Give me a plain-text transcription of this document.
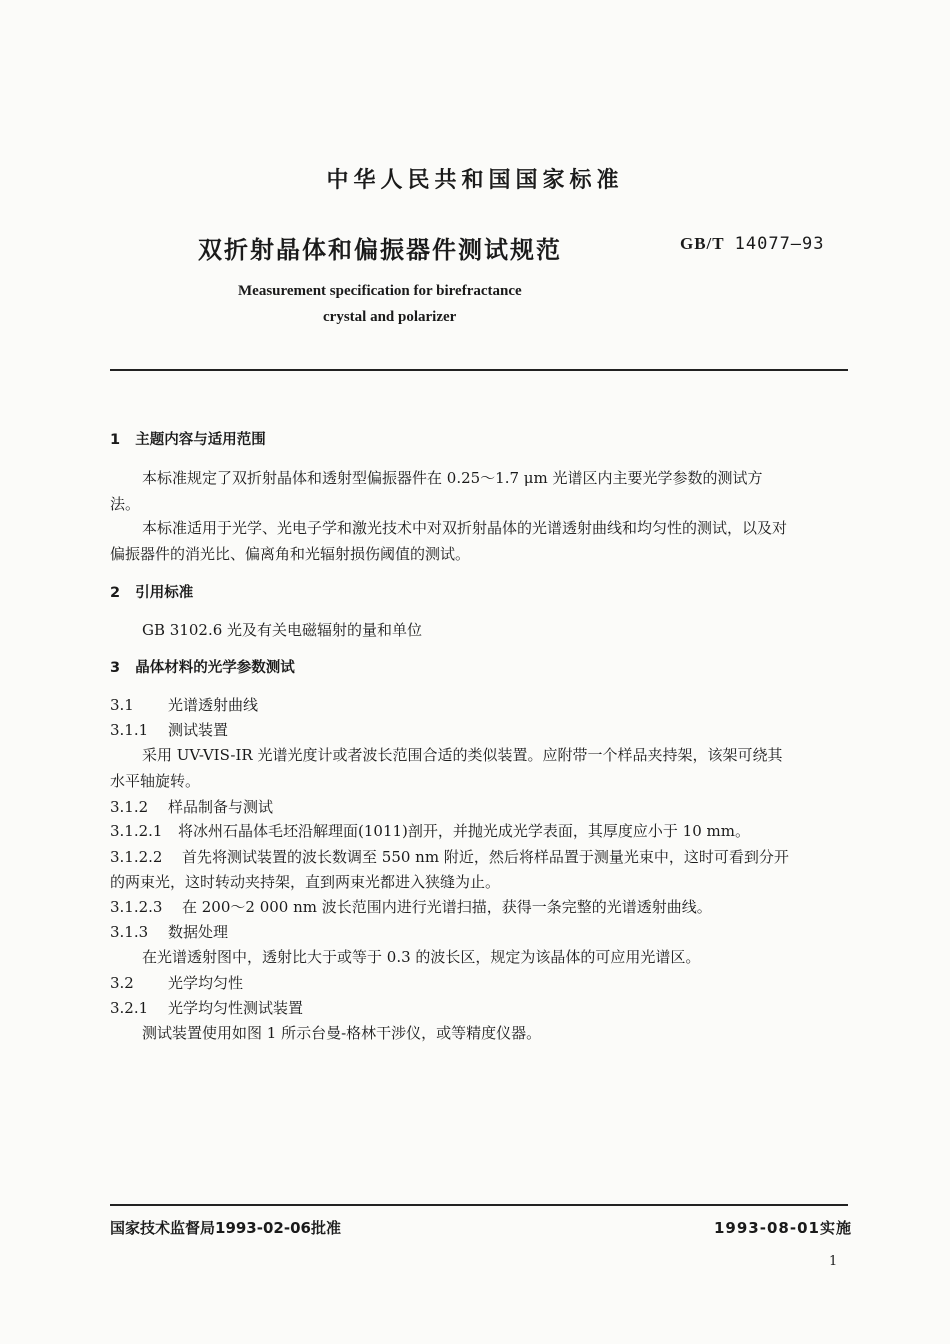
中华人民共和国国家标准
双折射晶体和偏振器件测试规范	GB/T 14077—93
Measurement specification for birefractance
crystal and polarizer
1 主题内容与适用范围
本标准规定了双折射晶体和透射型偏振器件在 0.25～1.7 μm 光谱区内主要光学参数的测试方
法。
本标准适用于光学、光电子学和激光技术中对双折射晶体的光谱透射曲线和均匀性的测试，以及对
偏振器件的消光比、偏离角和光辐射损伤阈值的测试。
2 引用标准
GB 3102.6 光及有关电磁辐射的量和单位
3 晶体材料的光学参数测试
3.1 光谱透射曲线
3.1.1 测试装置
采用 UV-VIS-IR 光谱光度计或者波长范围合适的类似装置。应附带一个样品夹持架，该架可绕其
水平轴旋转。
3.1.2 样品制备与测试
3.1.2.1 将冰州石晶体毛坯沿解理面(1011)剖开，并抛光成光学表面，其厚度应小于 10 mm。
3.1.2.2 首先将测试装置的波长数调至 550 nm 附近，然后将样品置于测量光束中，这时可看到分开
的两束光，这时转动夹持架，直到两束光都进入狭缝为止。
3.1.2.3 在 200～2 000 nm 波长范围内进行光谱扫描，获得一条完整的光谱透射曲线。
3.1.3 数据处理
在光谱透射图中，透射比大于或等于 0.3 的波长区，规定为该晶体的可应用光谱区。
3.2 光学均匀性
3.2.1 光学均匀性测试装置
测试装置使用如图 1 所示台曼-格林干涉仪，或等精度仪器。
国家技术监督局1993-02-06批准	1993-08-01实施
1
